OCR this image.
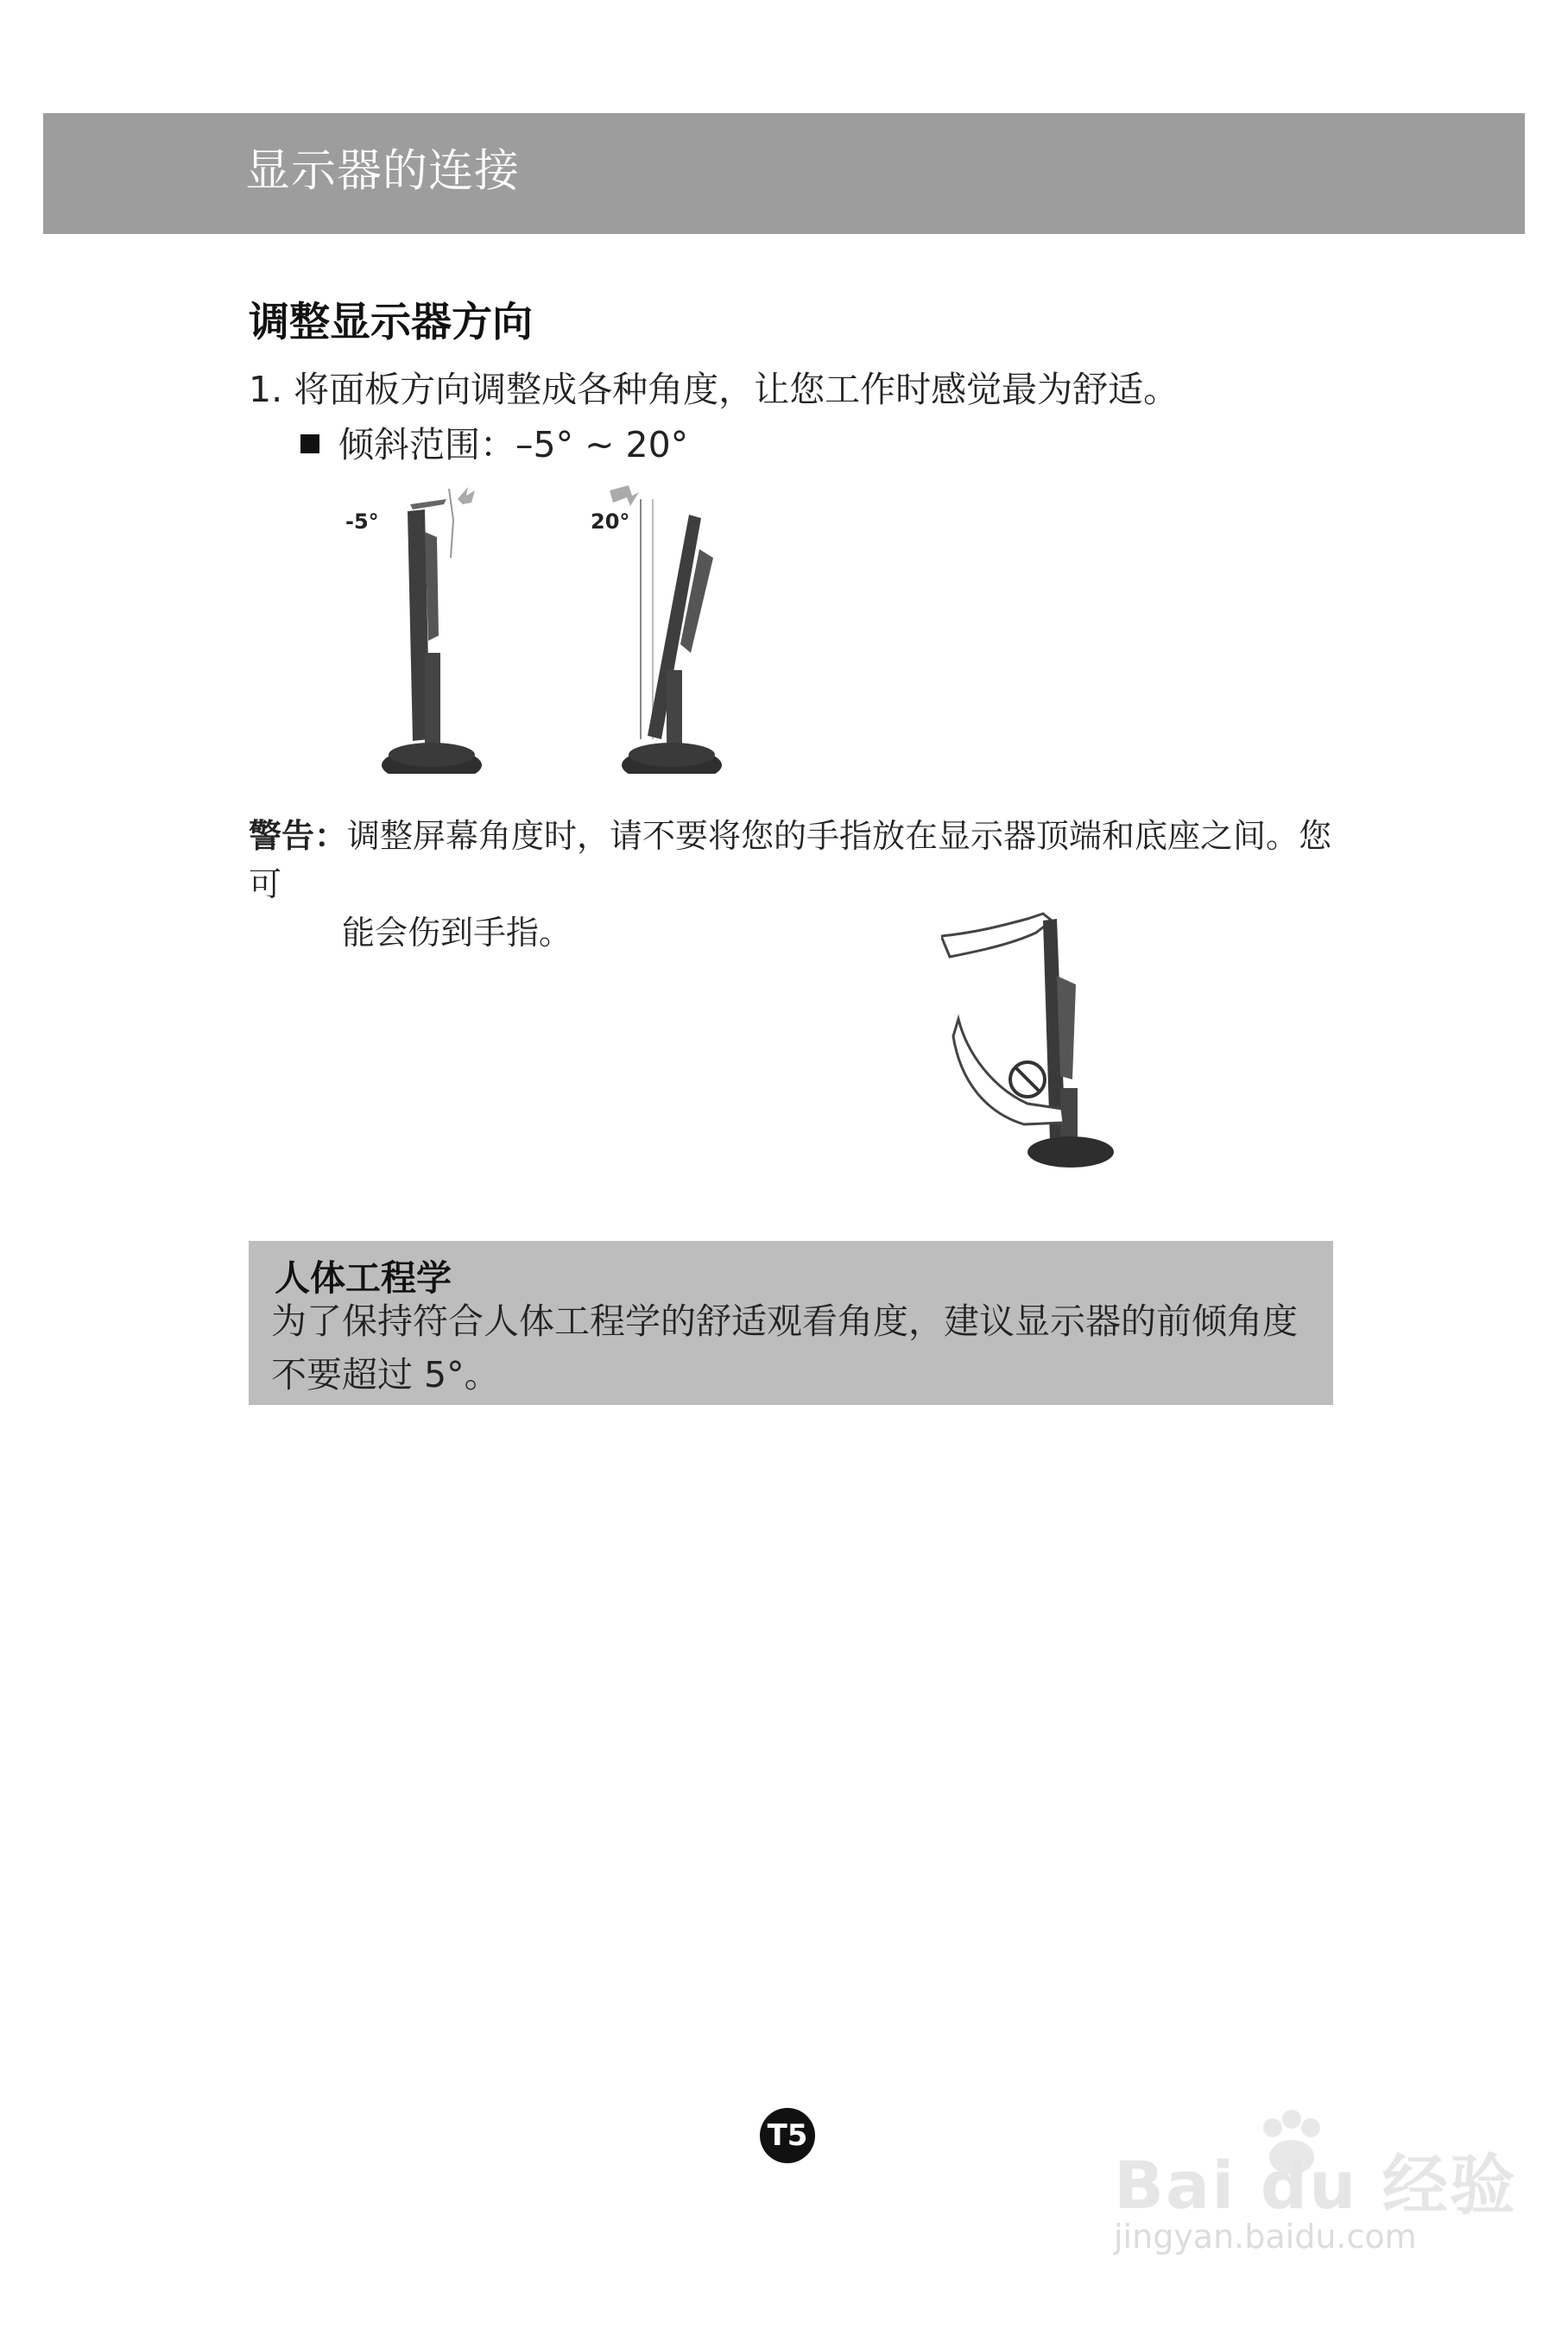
显示器的连接
调整显示器方向
1. 将面板方向调整成各种角度，让您工作时感觉最为舒适。
倾斜范围：–5° ~ 20°
-5°	20°
警告：调整屏幕角度时，请不要将您的手指放在显示器顶端和底座之间。您可
能会伤到手指。
人体工程学
为了保持符合人体工程学的舒适观看角度，建议显示器的前倾角度不要超过 5°。
T5
Bai du 经验
jingyan.baidu.com
